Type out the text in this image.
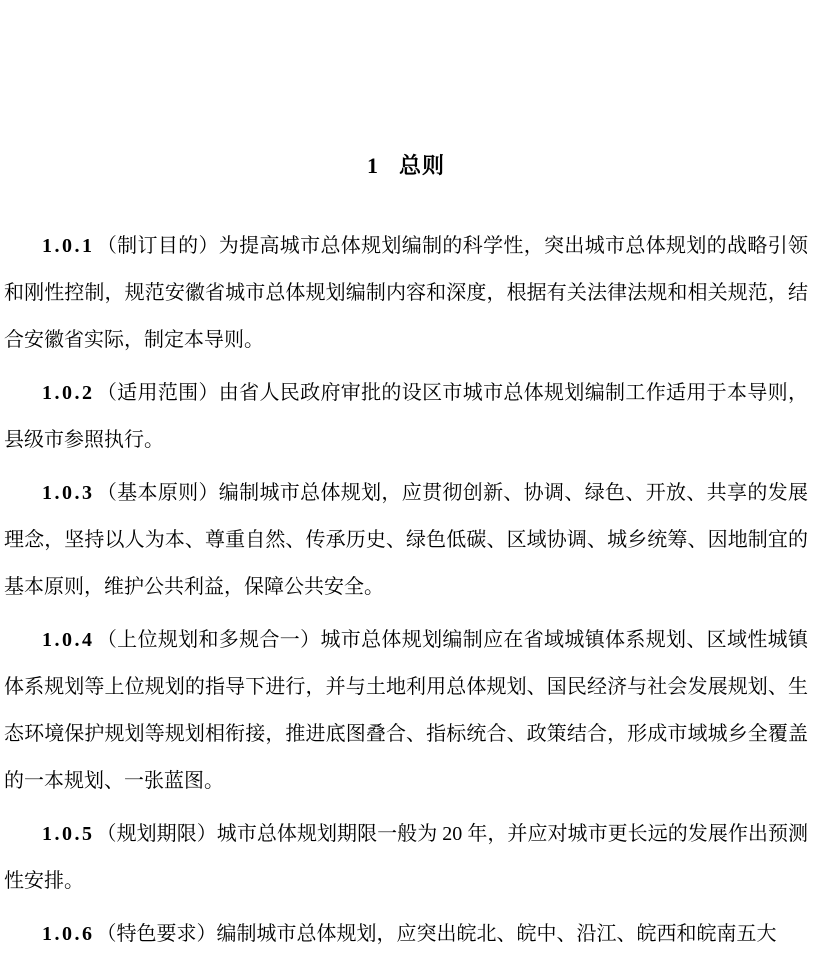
1 总则

1.0.1 （制订目的）为提高城市总体规划编制的科学性，突出城市总体规划的战略引领和刚性控制，规范安徽省城市总体规划编制内容和深度，根据有关法律法规和相关规范，结合安徽省实际，制定本导则。

1.0.2 （适用范围）由省人民政府审批的设区市城市总体规划编制工作适用于本导则，县级市参照执行。

1.0.3 （基本原则）编制城市总体规划，应贯彻创新、协调、绿色、开放、共享的发展理念，坚持以人为本、尊重自然、传承历史、绿色低碳、区域协调、城乡统筹、因地制宜的基本原则，维护公共利益，保障公共安全。

1.0.4 （上位规划和多规合一）城市总体规划编制应在省域城镇体系规划、区域性城镇体系规划等上位规划的指导下进行，并与土地利用总体规划、国民经济与社会发展规划、生态环境保护规划等规划相衔接，推进底图叠合、指标统合、政策结合，形成市域城乡全覆盖的一本规划、一张蓝图。

1.0.5 （规划期限）城市总体规划期限一般为 20 年，并应对城市更长远的发展作出预测性安排。

1.0.6 （特色要求）编制城市总体规划，应突出皖北、皖中、沿江、皖西和皖南五大
